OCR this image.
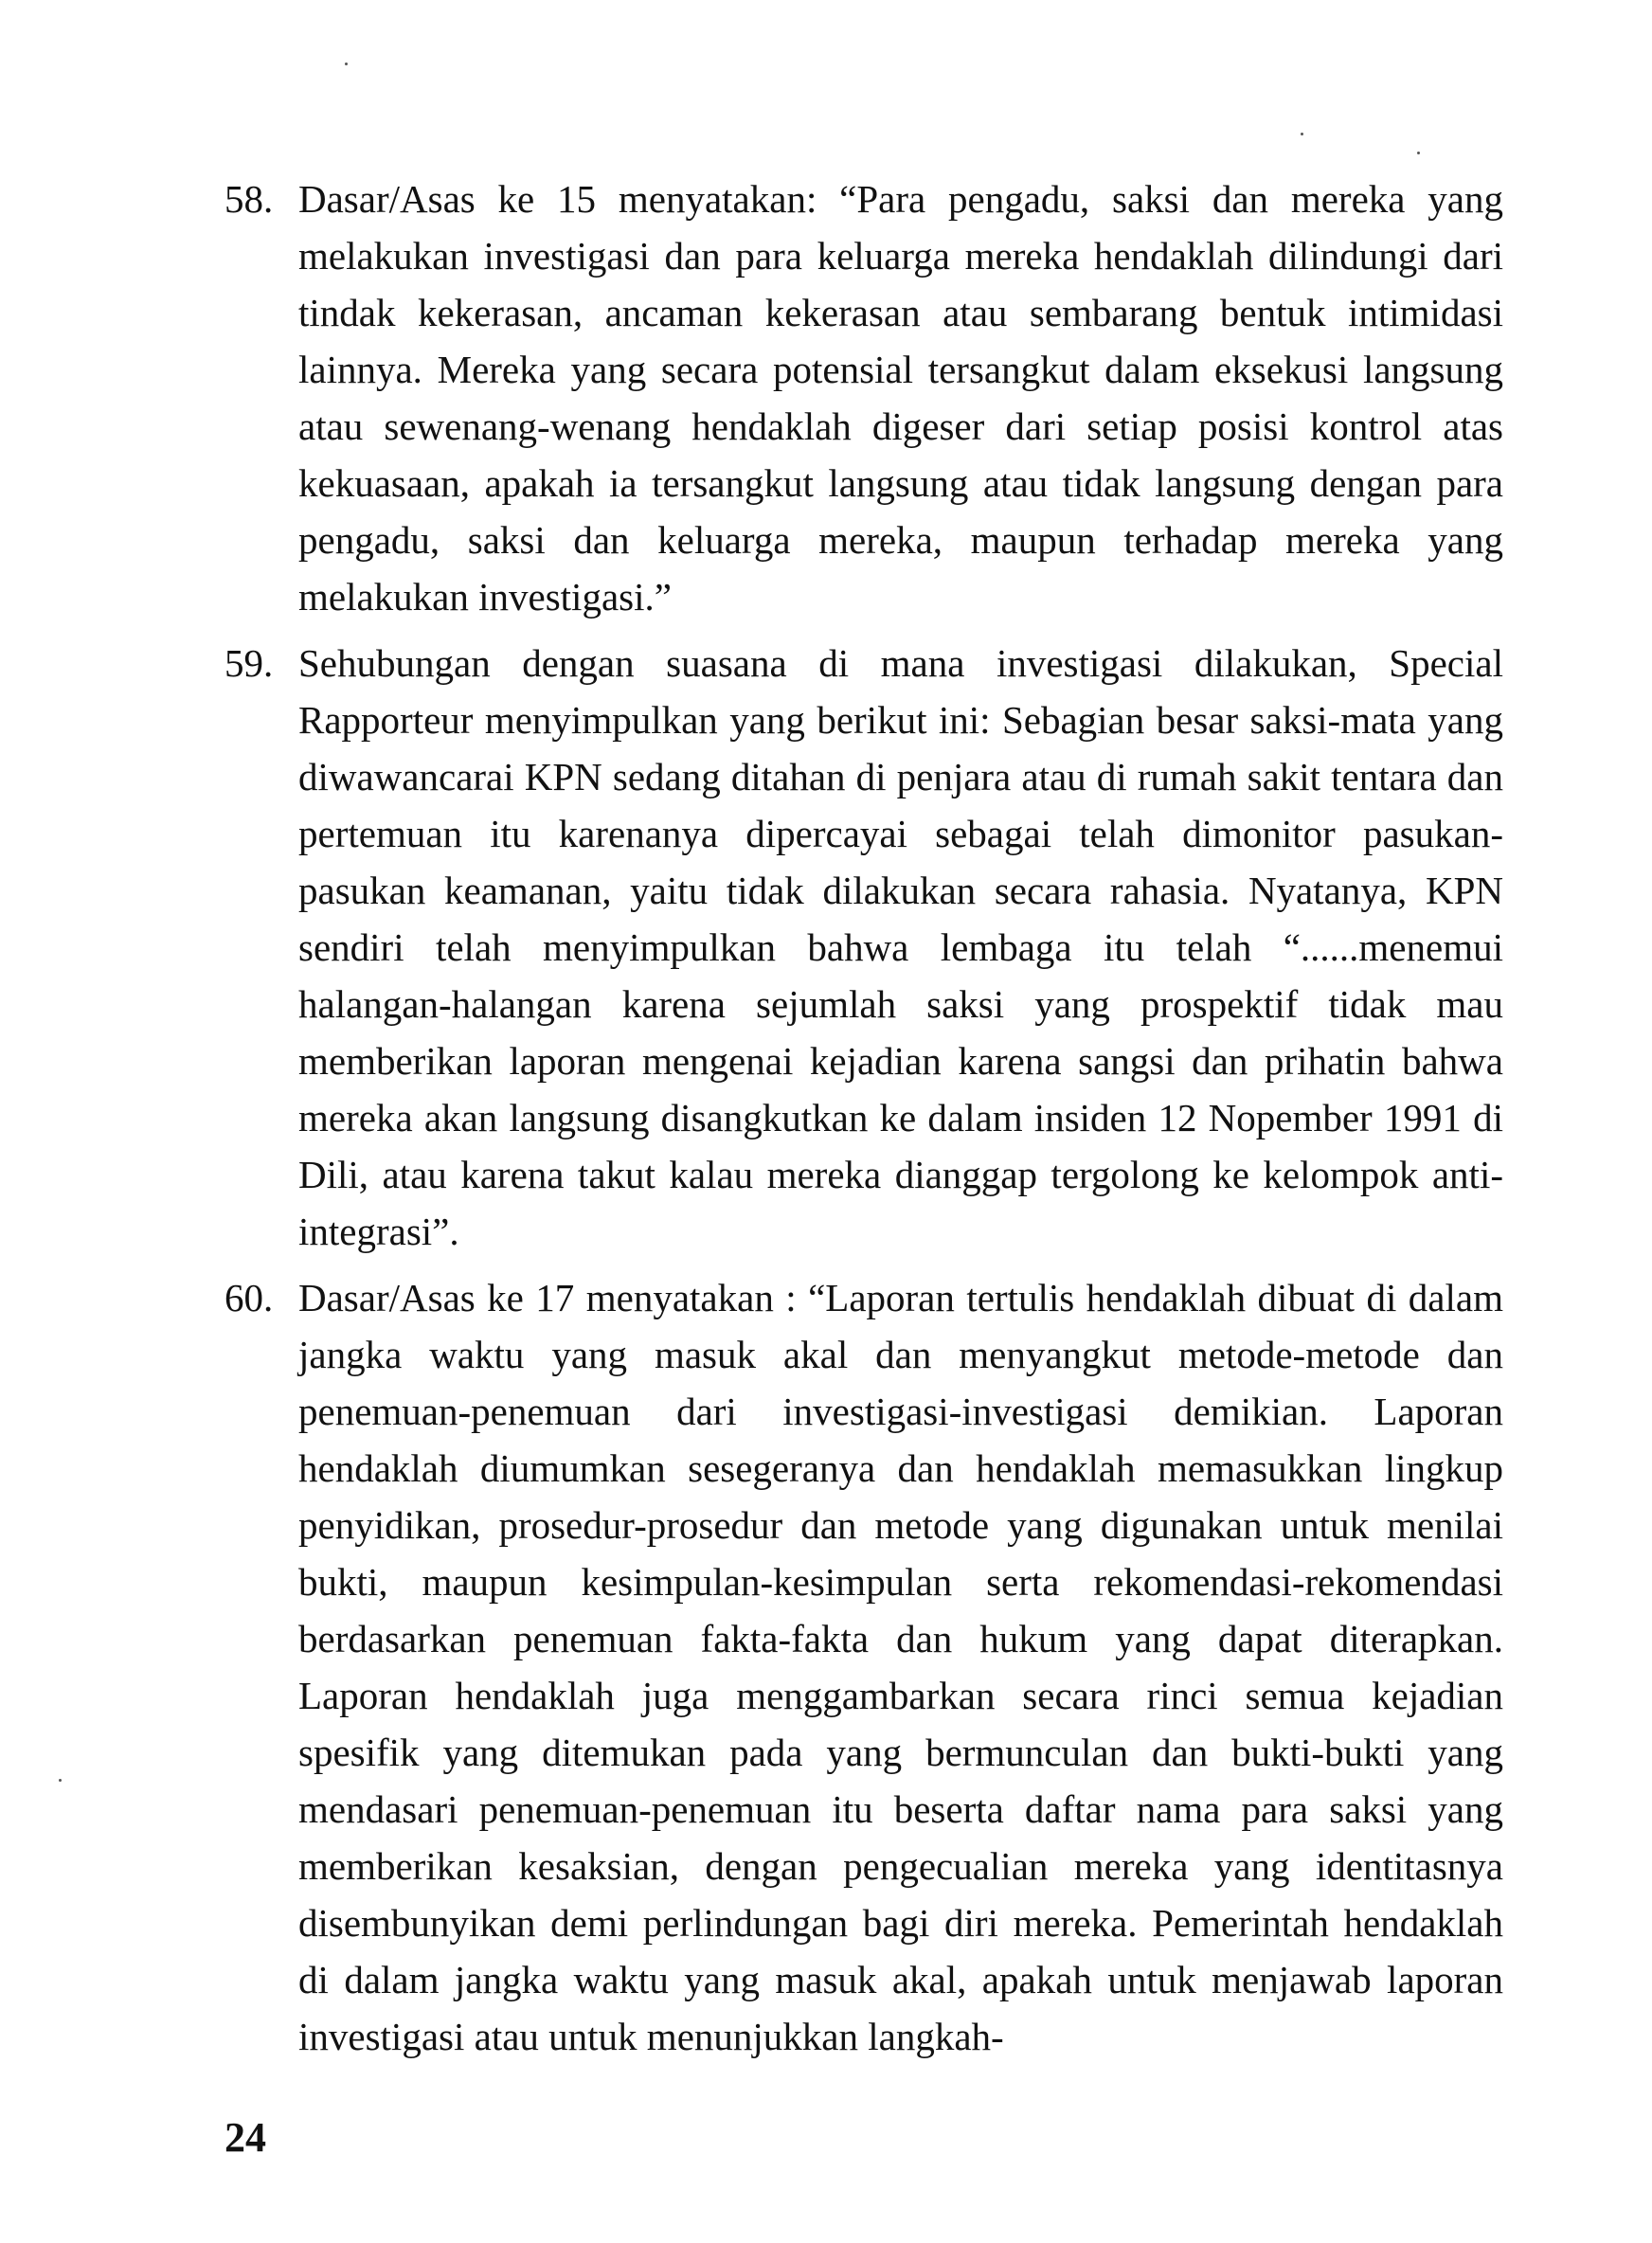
58. Dasar/Asas ke 15 menyatakan: “Para pengadu, saksi dan mereka yang melakukan investigasi dan para keluarga mereka hendaklah dilindungi dari tindak kekerasan, ancaman kekerasan atau sembarang bentuk intimidasi lainnya. Mereka yang secara potensial tersangkut dalam eksekusi langsung atau sewenang-wenang hendaklah digeser dari setiap posisi kontrol atas kekuasaan, apakah ia tersangkut langsung atau tidak langsung dengan para pengadu, saksi dan keluarga mereka, maupun terhadap mereka yang melakukan investigasi.”
59. Sehubungan dengan suasana di mana investigasi dilakukan, Special Rapporteur menyimpulkan yang berikut ini: Sebagian besar saksi-mata yang diwawancarai KPN sedang ditahan di penjara atau di rumah sakit tentara dan pertemuan itu karenanya dipercayai sebagai telah dimonitor pasukan-pasukan keamanan, yaitu tidak dilakukan secara rahasia. Nyatanya, KPN sendiri telah menyimpulkan bahwa lembaga itu telah “......menemui halangan-halangan karena sejumlah saksi yang prospektif tidak mau memberikan laporan mengenai kejadian karena sangsi dan prihatin bahwa mereka akan langsung disangkutkan ke dalam insiden 12 Nopember 1991 di Dili, atau karena takut kalau mereka dianggap tergolong ke kelompok anti-integrasi”.
60. Dasar/Asas ke 17 menyatakan : “Laporan tertulis hendaklah dibuat di dalam jangka waktu yang masuk akal dan menyangkut metode-metode dan penemuan-penemuan dari investigasi-investigasi demikian. Laporan hendaklah diumumkan sesegeranya dan hendaklah memasukkan lingkup penyidikan, prosedur-prosedur dan metode yang digunakan untuk menilai bukti, maupun kesimpulan-kesimpulan serta rekomendasi-rekomendasi berdasarkan penemuan fakta-fakta dan hukum yang dapat diterapkan. Laporan hendaklah juga menggambarkan secara rinci semua kejadian spesifik yang ditemukan pada yang bermunculan dan bukti-bukti yang mendasari penemuan-penemuan itu beserta daftar nama para saksi yang memberikan kesaksian, dengan pengecualian mereka yang identitasnya disembunyikan demi perlindungan bagi diri mereka. Pemerintah hendaklah di dalam jangka waktu yang masuk akal, apakah untuk menjawab laporan investigasi atau untuk menunjukkan langkah-
24
